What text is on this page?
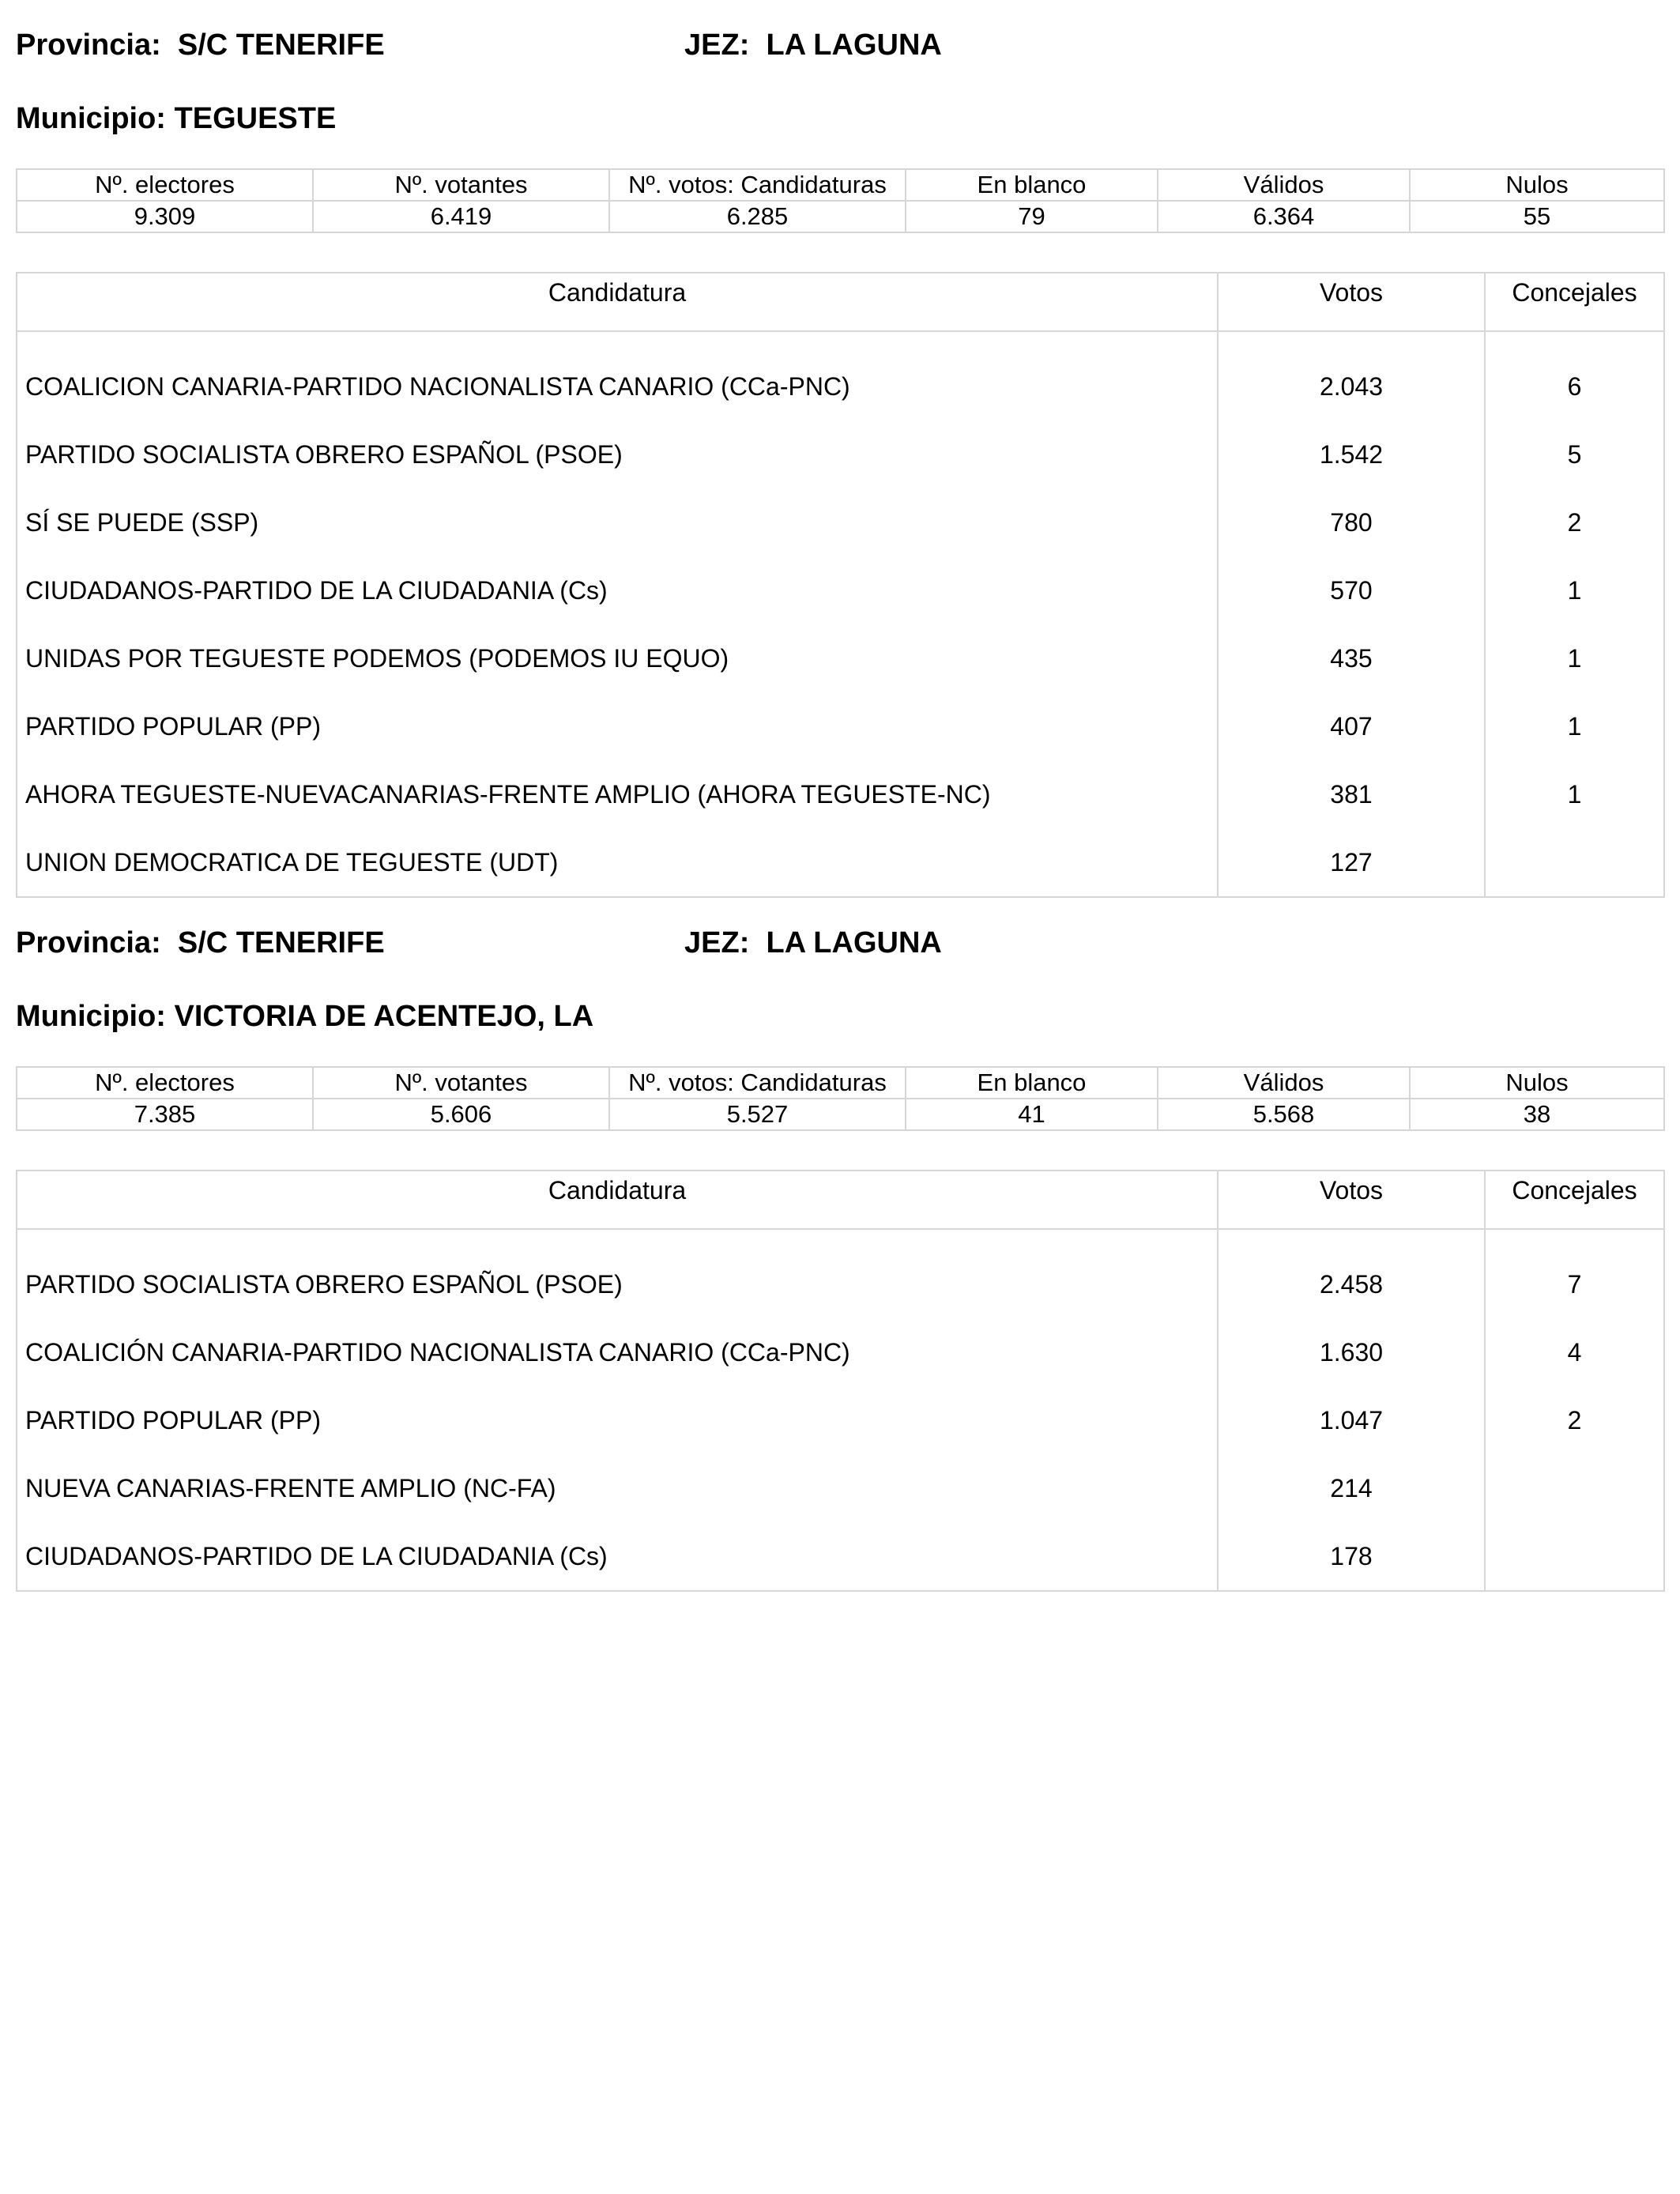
Provincia: S/C TENERIFE	JEZ: LA LAGUNA
Municipio: TEGUESTE
Nº. electores	Nº. votantes	Nº. votos: Candidaturas	En blanco	Válidos	Nulos
9.309	6.419	6.285	79	6.364	55
Candidatura	Votos	Concejales
COALICION CANARIA-PARTIDO NACIONALISTA CANARIO (CCa-PNC)	2.043	6
PARTIDO SOCIALISTA OBRERO ESPAÑOL (PSOE)	1.542	5
SÍ SE PUEDE (SSP)	780	2
CIUDADANOS-PARTIDO DE LA CIUDADANIA (Cs)	570	1
UNIDAS POR TEGUESTE PODEMOS (PODEMOS IU EQUO)	435	1
PARTIDO POPULAR (PP)	407	1
AHORA TEGUESTE-NUEVACANARIAS-FRENTE AMPLIO (AHORA TEGUESTE-NC)	381	1
UNION DEMOCRATICA DE TEGUESTE (UDT)	127	
Provincia: S/C TENERIFE	JEZ: LA LAGUNA
Municipio: VICTORIA DE ACENTEJO, LA
Nº. electores	Nº. votantes	Nº. votos: Candidaturas	En blanco	Válidos	Nulos
7.385	5.606	5.527	41	5.568	38
Candidatura	Votos	Concejales
PARTIDO SOCIALISTA OBRERO ESPAÑOL (PSOE)	2.458	7
COALICIÓN CANARIA-PARTIDO NACIONALISTA CANARIO (CCa-PNC)	1.630	4
PARTIDO POPULAR (PP)	1.047	2
NUEVA CANARIAS-FRENTE AMPLIO (NC-FA)	214	
CIUDADANOS-PARTIDO DE LA CIUDADANIA (Cs)	178	
